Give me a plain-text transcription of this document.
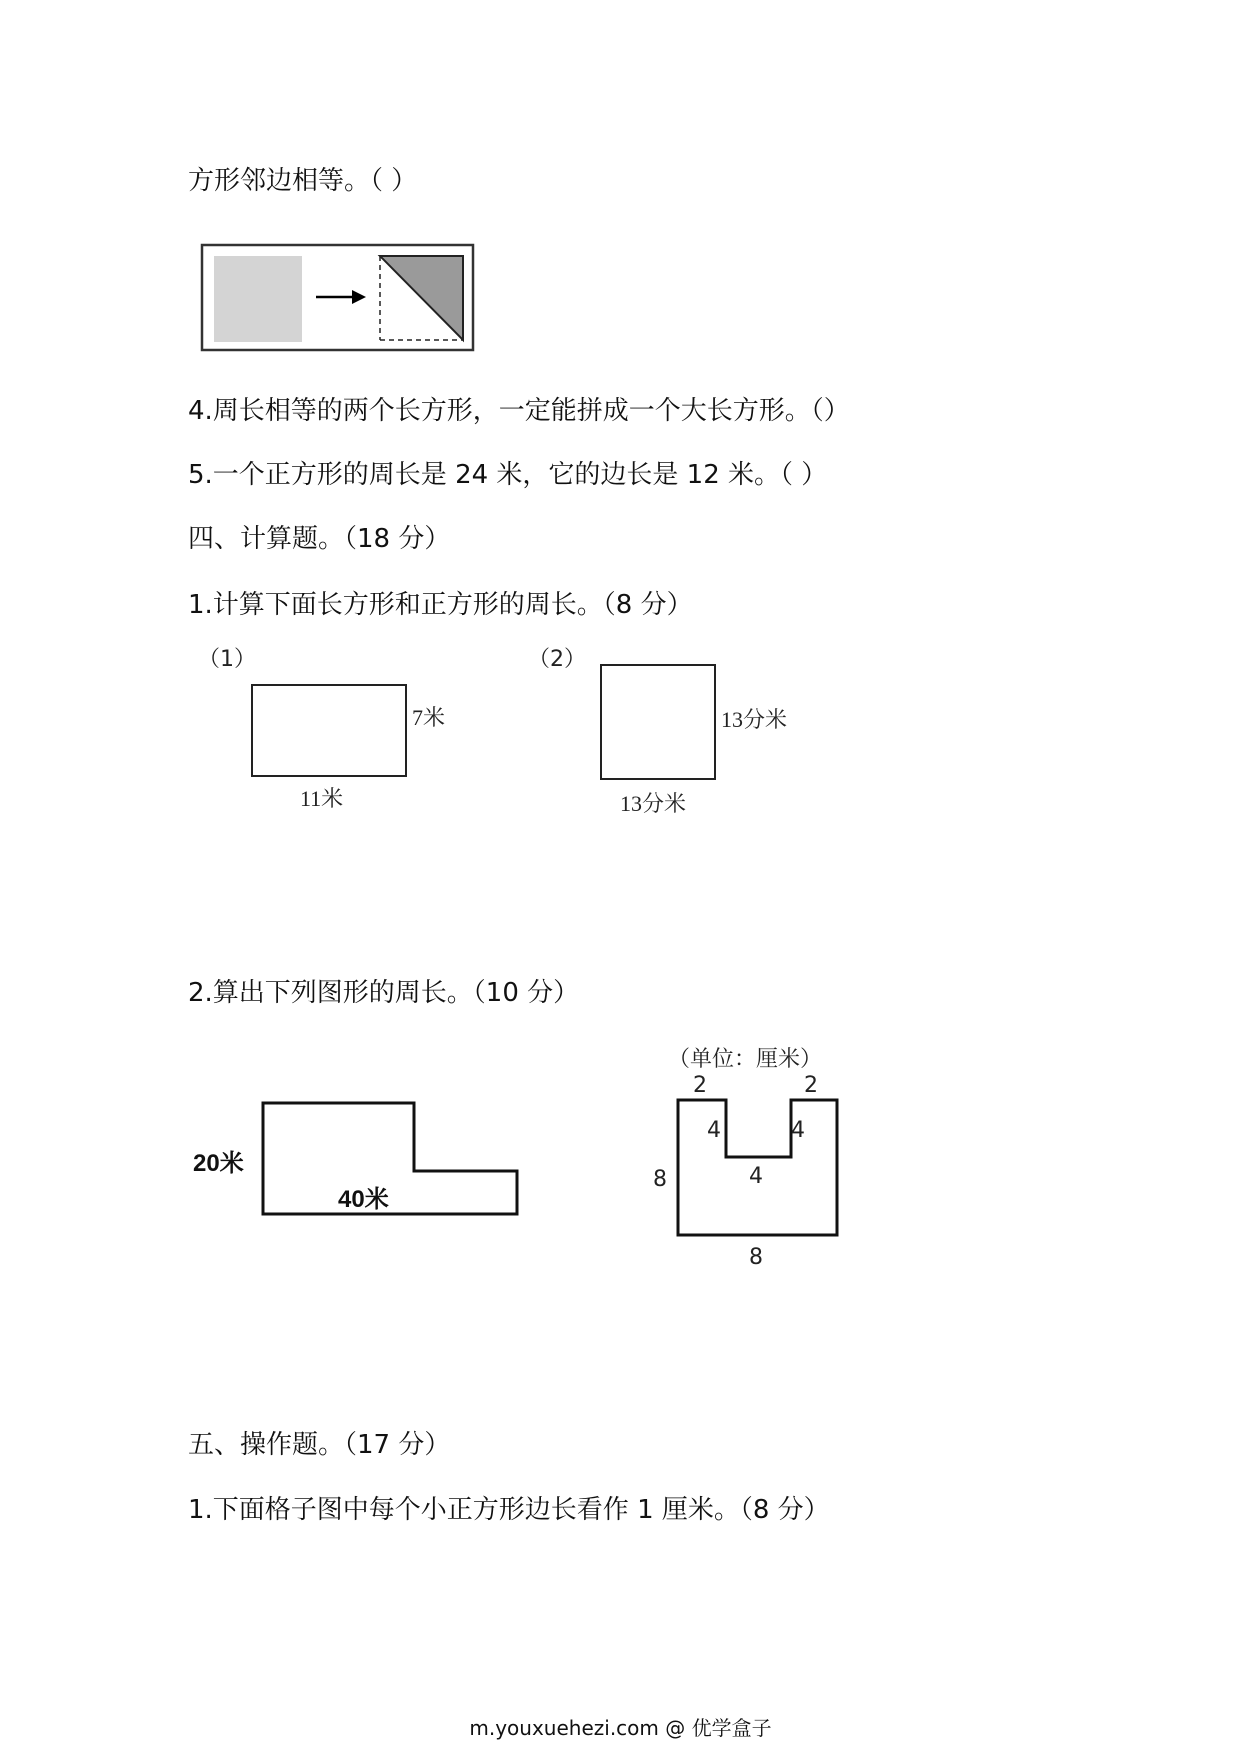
方形邻边相等。（ ）
4.周长相等的两个长方形，一定能拼成一个大长方形。（）
5.一个正方形的周长是 24 米，它的边长是 12 米。（ ）
四、计算题。（18 分）
1.计算下面长方形和正方形的周长。（8 分）
（1）
7米
11米
（2）
13分米
13分米
2.算出下列图形的周长。（10 分）
20米
40米
（单位：厘米）
2	2
4	4
4
8
8
五、操作题。（17 分）
1.下面格子图中每个小正方形边长看作 1 厘米。（8 分）
m.youxuehezi.com @ 优学盒子
